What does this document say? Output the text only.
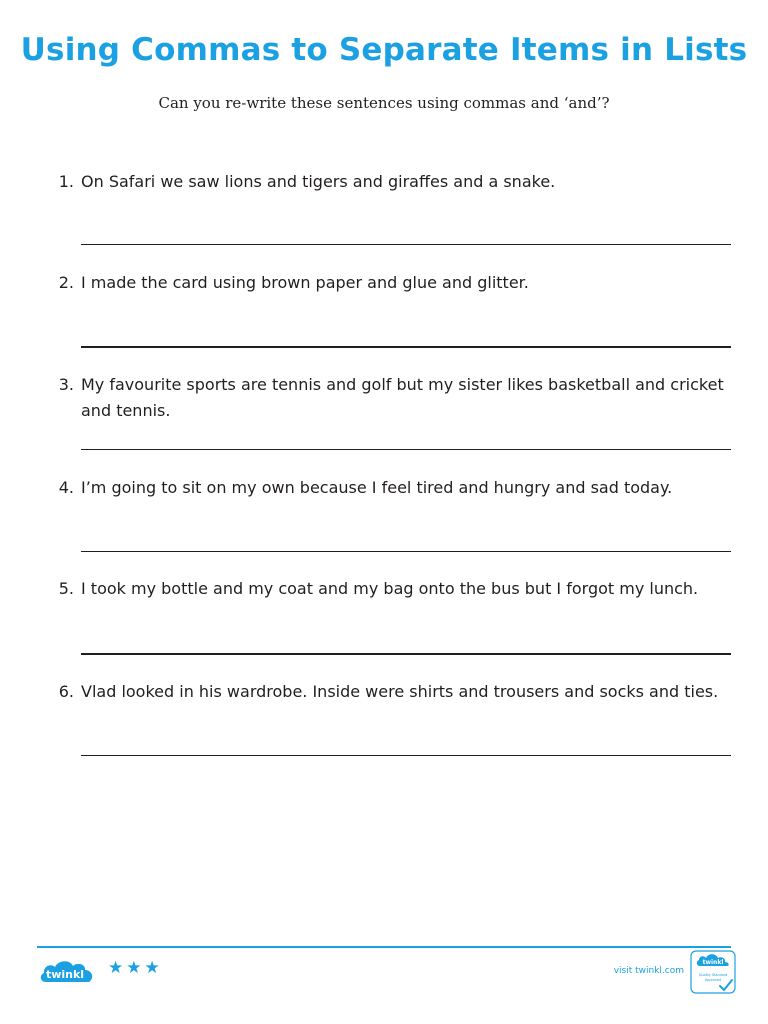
Using Commas to Separate Items in Lists
Can you re-write these sentences using commas and ‘and’?
1. On Safari we saw lions and tigers and giraffes and a snake.
2. I made the card using brown paper and glue and glitter.
3. My favourite sports are tennis and golf but my sister likes basketball and cricket and tennis.
4. I’m going to sit on my own because I feel tired and hungry and sad today.
5. I took my bottle and my coat and my bag onto the bus but I forgot my lunch.
6. Vlad looked in his wardrobe. Inside were shirts and trousers and socks and ties.
twinkl ★★★	visit twinkl.com
twinkl
Quality Standard
Approved
